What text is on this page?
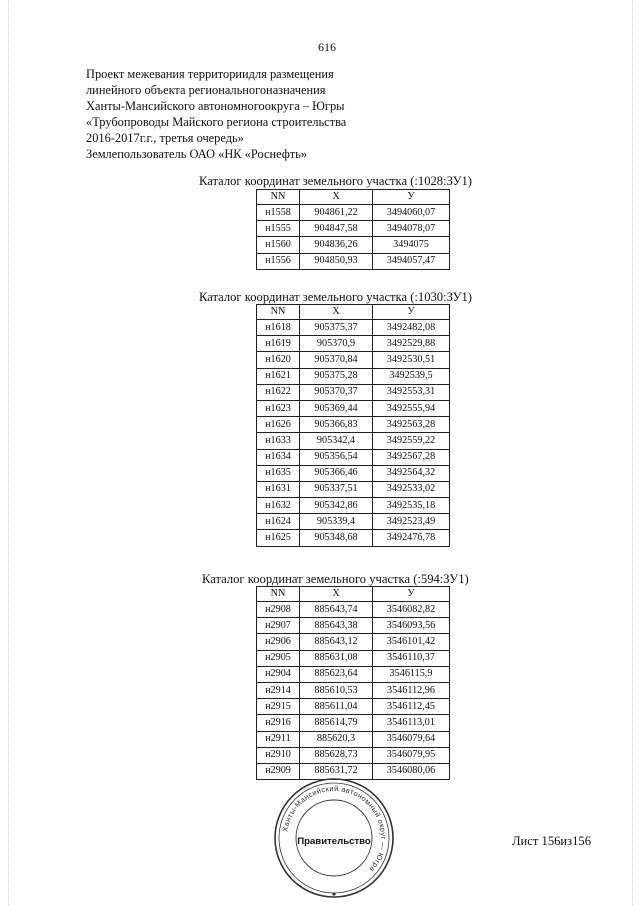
616
Проект межевания территориидля размещения
линейного объекта региональногоназначения
Ханты-Мансийского автономногоокруга – Югры
«Трубопроводы Майского региона строительства
2016-2017г.г., третья очередь»
Землепользователь ОАО «НК «Роснефть»
Каталог координат земельного участка (:1028:ЗУ1)
NN	X	У
н1558	904861,22	3494060,07
н1555	904847,58	3494078,07
н1560	904836,26	3494075
н1556	904850,93	3494057,47
Каталог координат земельного участка (:1030:ЗУ1)
NN	X	У
н1618	905375,37	3492482,08
н1619	905370,9	3492529,88
н1620	905370,84	3492530,51
н1621	905375,28	3492539,5
н1622	905370,37	3492553,31
н1623	905369,44	3492555,94
н1626	905366,83	3492563,28
н1633	905342,4	3492559,22
н1634	905356,54	3492567,28
н1635	905366,46	3492564,32
н1631	905337,51	3492533,02
н1632	905342,86	3492535,18
н1624	905339,4	3492523,49
н1625	905348,68	3492476,78
Каталог координат земельного участка (:594:ЗУ1)
NN	X	У
н2908	885643,74	3546082,82
н2907	885643,38	3546093,56
н2906	885643,12	3546101,42
н2905	885631,08	3546110,37
н2904	885623,64	3546115,9
н2914	885610,53	3546112,96
н2915	885611,04	3546112,45
н2916	885614,79	3546113,01
н2911	885620,3	3546079,64
н2910	885628,73	3546079,95
н2909	885631,72	3546080,06
Ханты-Мансийский автономный округ — Югра
Правительство	Лист 156из156
